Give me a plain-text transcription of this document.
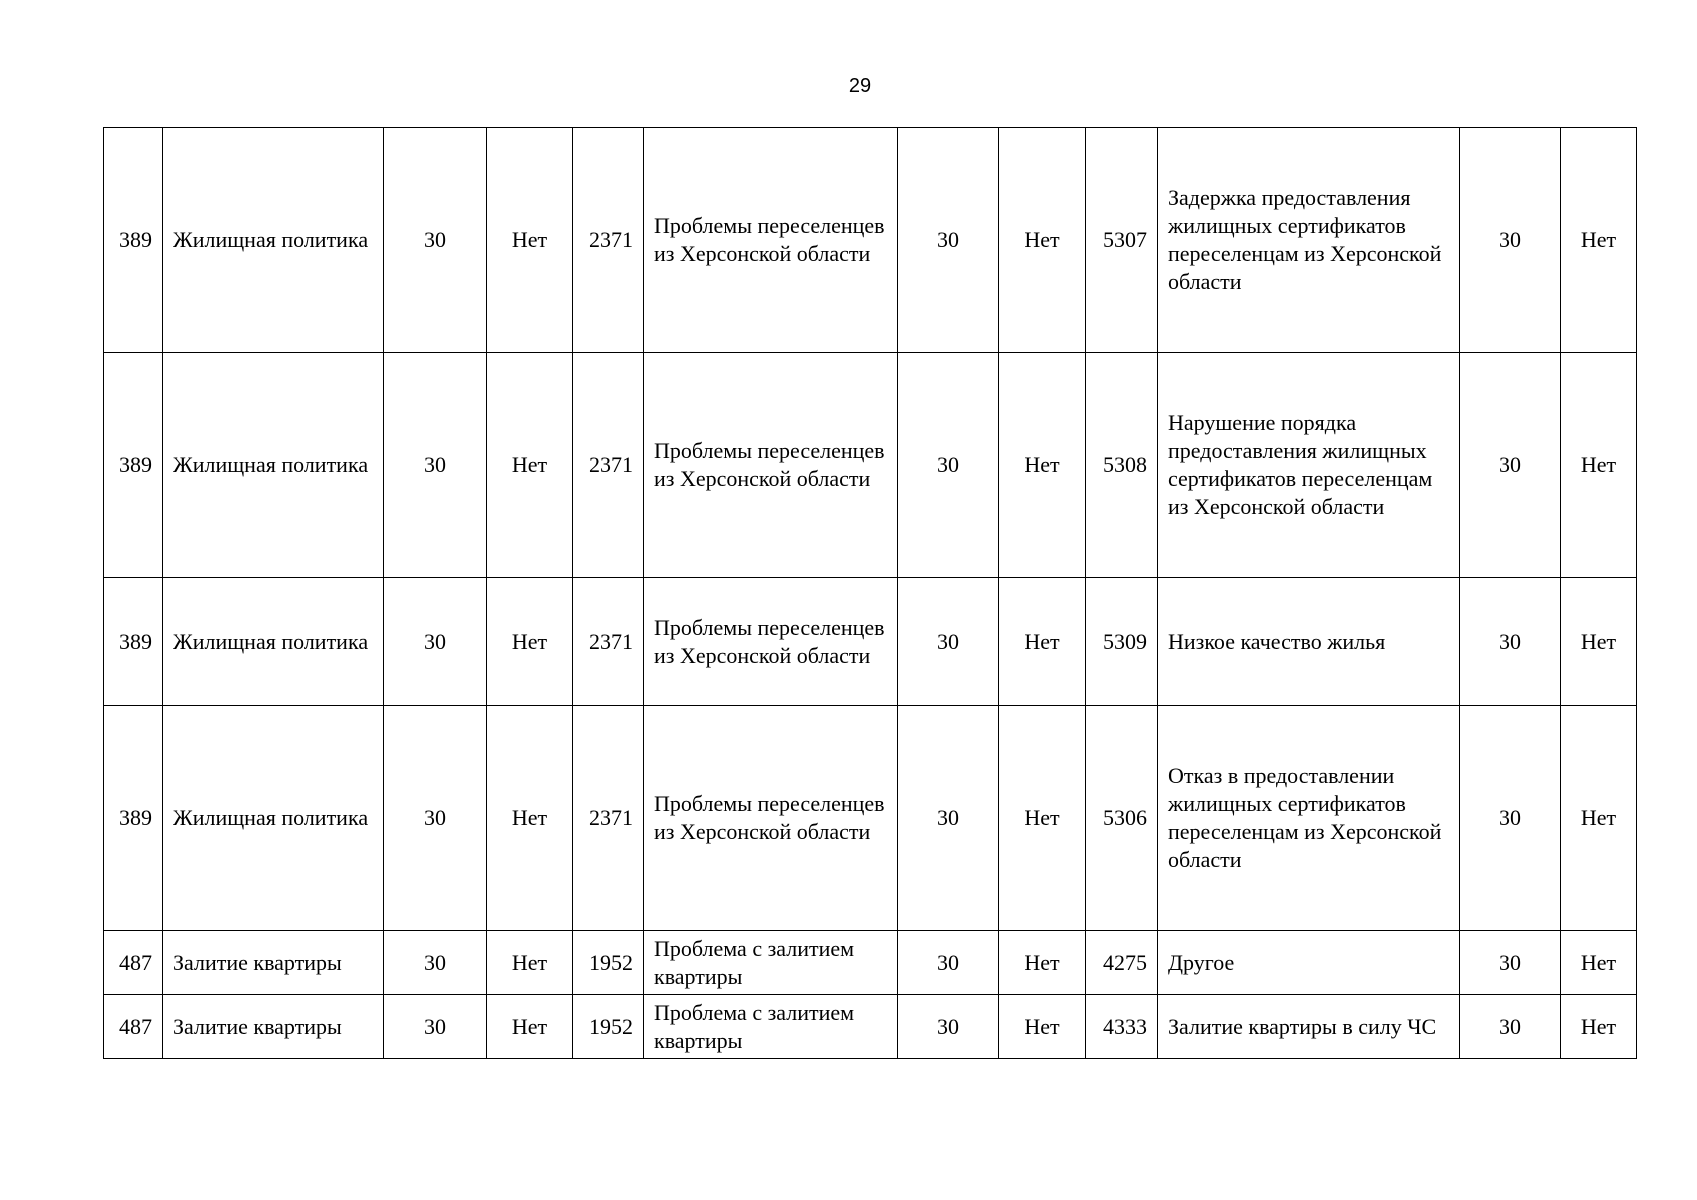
29
389	Жилищная политика	30	Нет	2371	Проблемы переселенцев из Херсонской области	30	Нет	5307	Задержка предоставления жилищных сертификатов переселенцам из Херсонской области	30	Нет
389	Жилищная политика	30	Нет	2371	Проблемы переселенцев из Херсонской области	30	Нет	5308	Нарушение порядка предоставления жилищных сертификатов переселенцам из Херсонской области	30	Нет
389	Жилищная политика	30	Нет	2371	Проблемы переселенцев из Херсонской области	30	Нет	5309	Низкое качество жилья	30	Нет
389	Жилищная политика	30	Нет	2371	Проблемы переселенцев из Херсонской области	30	Нет	5306	Отказ в предоставлении жилищных сертификатов переселенцам из Херсонской области	30	Нет
487	Залитие квартиры	30	Нет	1952	Проблема с залитием квартиры	30	Нет	4275	Другое	30	Нет
487	Залитие квартиры	30	Нет	1952	Проблема с залитием квартиры	30	Нет	4333	Залитие квартиры в силу ЧС	30	Нет
